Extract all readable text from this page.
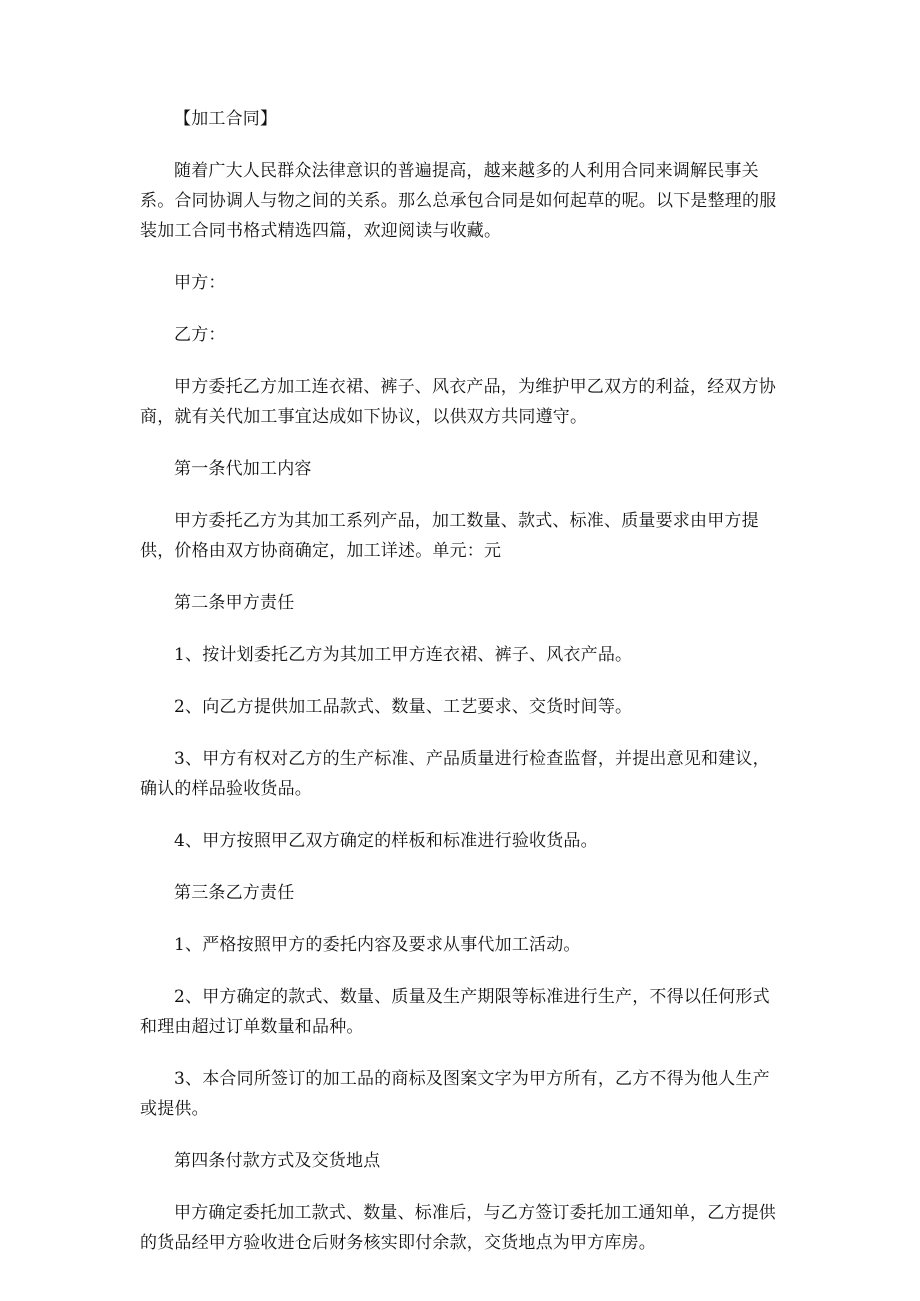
【加工合同】

随着广大人民群众法律意识的普遍提高，越来越多的人利用合同来调解民事关系。合同协调人与物之间的关系。那么总承包合同是如何起草的呢。以下是整理的服装加工合同书格式精选四篇，欢迎阅读与收藏。

甲方：

乙方：

甲方委托乙方加工连衣裙、裤子、风衣产品，为维护甲乙双方的利益，经双方协商，就有关代加工事宜达成如下协议，以供双方共同遵守。

第一条代加工内容

甲方委托乙方为其加工系列产品，加工数量、款式、标准、质量要求由甲方提供，价格由双方协商确定，加工详述。单元：元

第二条甲方责任

1、按计划委托乙方为其加工甲方连衣裙、裤子、风衣产品。

2、向乙方提供加工品款式、数量、工艺要求、交货时间等。

3、甲方有权对乙方的生产标准、产品质量进行检查监督，并提出意见和建议，确认的样品验收货品。

4、甲方按照甲乙双方确定的样板和标准进行验收货品。

第三条乙方责任

1、严格按照甲方的委托内容及要求从事代加工活动。

2、甲方确定的款式、数量、质量及生产期限等标准进行生产，不得以任何形式和理由超过订单数量和品种。

3、本合同所签订的加工品的商标及图案文字为甲方所有，乙方不得为他人生产或提供。

第四条付款方式及交货地点

甲方确定委托加工款式、数量、标准后，与乙方签订委托加工通知单，乙方提供的货品经甲方验收进仓后财务核实即付余款，交货地点为甲方库房。
